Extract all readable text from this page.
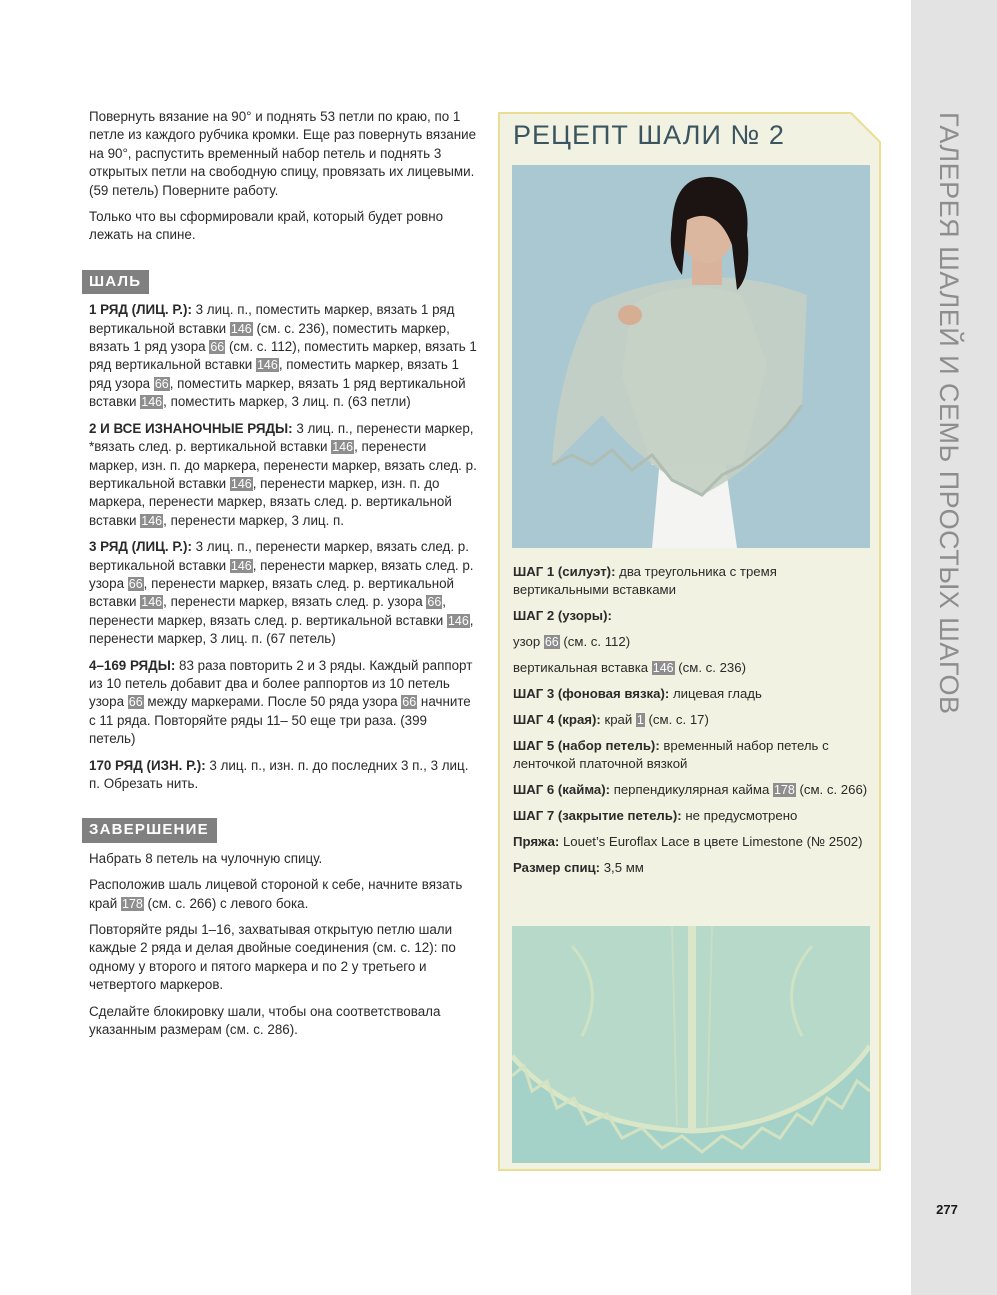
ГАЛЕРЕЯ ШАЛЕЙ И СЕМЬ ПРОСТЫХ ШАГОВ
277

Повернуть вязание на 90° и поднять 53 петли по краю, по 1 петле из каждого рубчика кромки. Еще раз повернуть вязание на 90°, распустить временный набор петель и поднять 3 открытых петли на свободную спицу, провязать их лицевыми. (59 петель) Поверните работу.

Только что вы сформировали край, который будет ровно лежать на спине.

ШАЛЬ

1 РЯД (ЛИЦ. Р.): 3 лиц. п., поместить маркер, вязать 1 ряд вертикальной вставки 146 (см. с. 236), поместить маркер, вязать 1 ряд узора 66 (см. с. 112), поместить маркер, вязать 1 ряд вертикальной вставки 146, поместить маркер, вязать 1 ряд узора 66, поместить маркер, вязать 1 ряд вертикальной вставки 146, поместить маркер, 3 лиц. п. (63 петли)

2 И ВСЕ ИЗНАНОЧНЫЕ РЯДЫ: 3 лиц. п., перенести маркер, *вязать след. р. вертикальной вставки 146, перенести маркер, изн. п. до маркера, перенести маркер, вязать след. р. вертикальной вставки 146, перенести маркер, изн. п. до маркера, перенести маркер, вязать след. р. вертикальной вставки 146, перенести маркер, 3 лиц. п.

3 РЯД (ЛИЦ. Р.): 3 лиц. п., перенести маркер, вязать след. р. вертикальной вставки 146, перенести маркер, вязать след. р. узора 66, перенести маркер, вязать след. р. вертикальной вставки 146, перенести маркер, вязать след. р. узора 66, перенести маркер, вязать след. р. вертикальной вставки 146, перенести маркер, 3 лиц. п. (67 петель)

4–169 РЯДЫ: 83 раза повторить 2 и 3 ряды. Каждый раппорт из 10 петель добавит два и более раппортов из 10 петель узора 66 между маркерами. После 50 ряда узора 66 начните с 11 ряда. Повторяйте ряды 11– 50 еще три раза. (399 петель)

170 РЯД (ИЗН. Р.): 3 лиц. п., изн. п. до последних 3 п., 3 лиц. п. Обрезать нить.

ЗАВЕРШЕНИЕ

Набрать 8 петель на чулочную спицу.

Расположив шаль лицевой стороной к себе, начните вязать край 178 (см. с. 266) с левого бока.

Повторяйте ряды 1–16, захватывая открытую петлю шали каждые 2 ряда и делая двойные соединения (см. с. 12): по одному у второго и пятого маркера и по 2 у третьего и четвертого маркеров.

Сделайте блокировку шали, чтобы она соответствовала указанным размерам (см. с. 286).

РЕЦЕПТ ШАЛИ № 2

ШАГ 1 (силуэт): два треугольника с тремя вертикальными вставками

ШАГ 2 (узоры):

узор 66 (см. с. 112)

вертикальная вставка 146 (см. с. 236)

ШАГ 3 (фоновая вязка): лицевая гладь

ШАГ 4 (края): край 1 (см. с. 17)

ШАГ 5 (набор петель): временный набор петель с ленточкой платочной вязкой

ШАГ 6 (кайма): перпендикулярная кайма 178 (см. с. 266)

ШАГ 7 (закрытие петель): не предусмотрено

Пряжа: Louet’s Euroflax Lace в цвете Limestone (№ 2502)

Размер спиц: 3,5 мм
